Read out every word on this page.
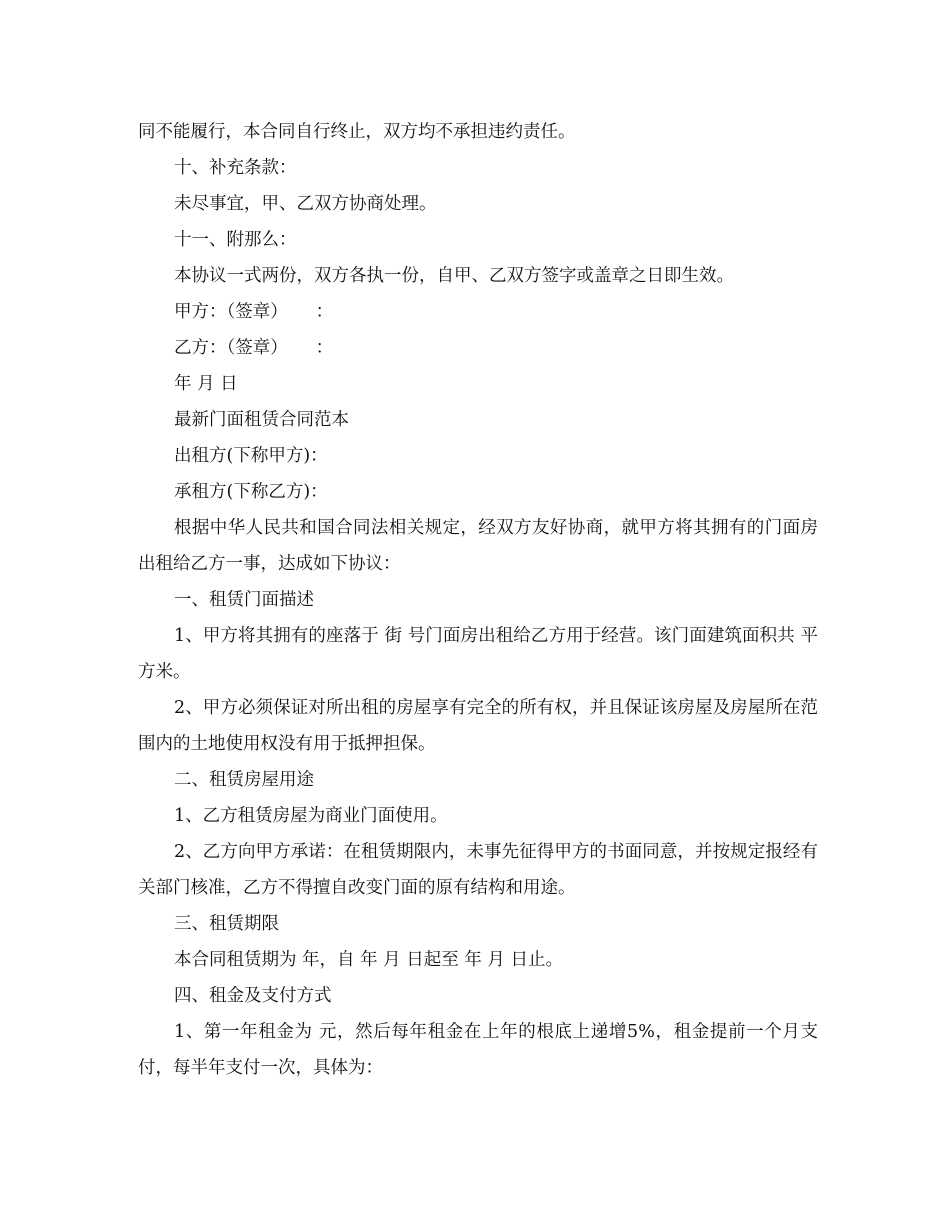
同不能履行，本合同自行终止，双方均不承担违约责任。

十、补充条款：

未尽事宜，甲、乙双方协商处理。

十一、附那么：

本协议一式两份，双方各执一份，自甲、乙双方签字或盖章之日即生效。

甲方：（签章）     ：

乙方：（签章）     ：

年 月 日

最新门面租赁合同范本

出租方(下称甲方)：

承租方(下称乙方)：

根据中华人民共和国合同法相关规定，经双方友好协商，就甲方将其拥有的门面房出租给乙方一事，达成如下协议：

一、租赁门面描述

1、甲方将其拥有的座落于 街 号门面房出租给乙方用于经营。该门面建筑面积共 平方米。

2、甲方必须保证对所出租的房屋享有完全的所有权，并且保证该房屋及房屋所在范围内的土地使用权没有用于抵押担保。

二、租赁房屋用途

1、乙方租赁房屋为商业门面使用。

2、乙方向甲方承诺：在租赁期限内，未事先征得甲方的书面同意，并按规定报经有关部门核准，乙方不得擅自改变门面的原有结构和用途。

三、租赁期限

本合同租赁期为 年，自 年 月 日起至 年 月 日止。

四、租金及支付方式

1、第一年租金为 元，然后每年租金在上年的根底上递增5%，租金提前一个月支付，每半年支付一次，具体为：
